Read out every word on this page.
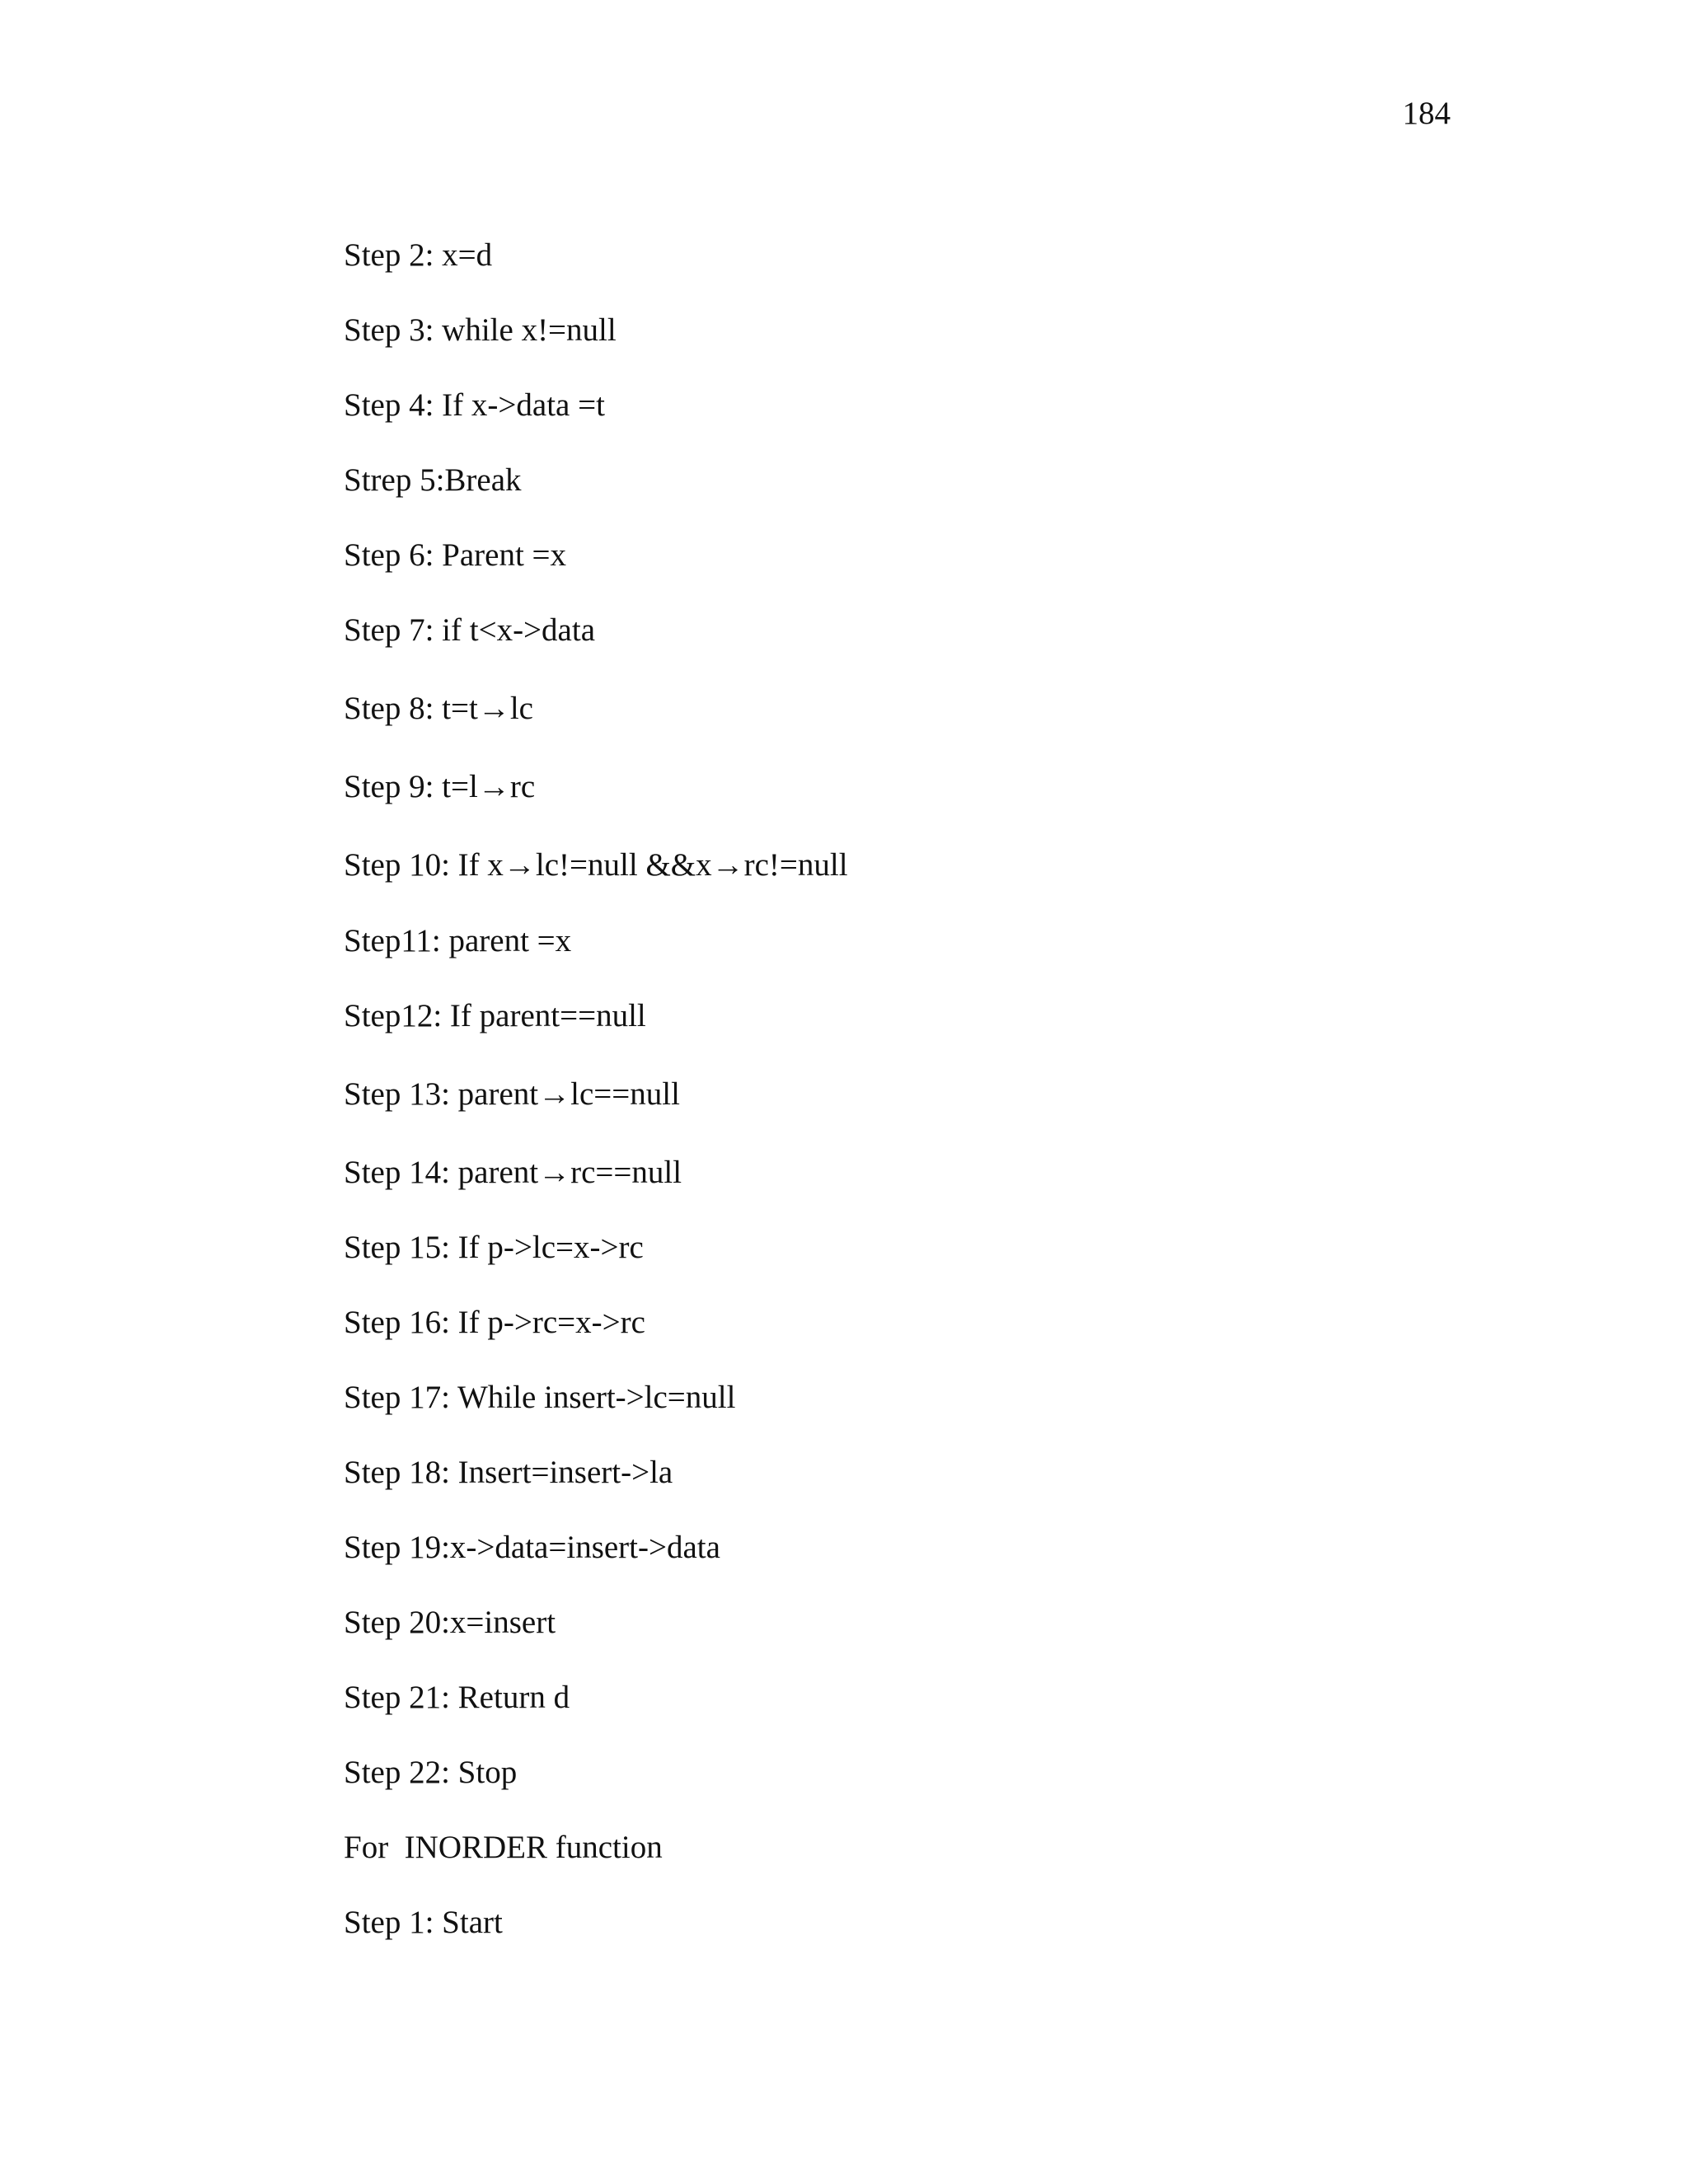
184
Step 2: x=d
Step 3: while x!=null
Step 4: If x->data =t
Strep 5:Break
Step 6: Parent =x
Step 7: if t<x->data
Step 8: t=t→lc
Step 9: t=l→rc
Step 10: If x→lc!=null &&x→rc!=null
Step11: parent =x
Step12: If parent==null
Step 13: parent→lc==null
Step 14: parent→rc==null
Step 15: If p->lc=x->rc
Step 16: If p->rc=x->rc
Step 17: While insert->lc=null
Step 18: Insert=insert->la
Step 19:x->data=insert->data
Step 20:x=insert
Step 21: Return d
Step 22: Stop
For  INORDER function
Step 1: Start
